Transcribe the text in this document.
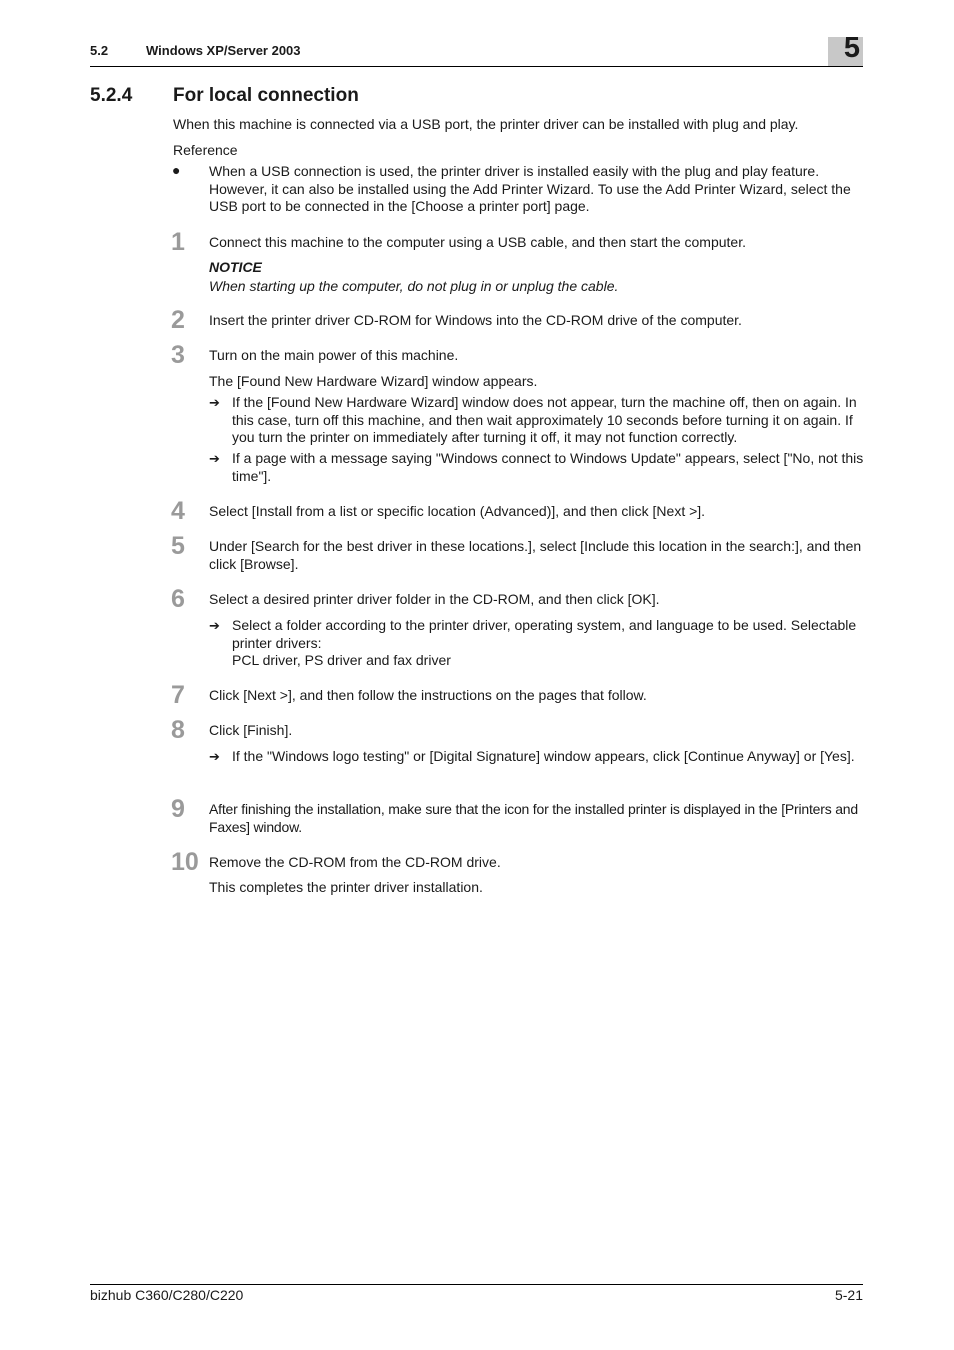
5.2	Windows XP/Server 2003	5
5.2.4 For local connection
When this machine is connected via a USB port, the printer driver can be installed with plug and play.
Reference
● When a USB connection is used, the printer driver is installed easily with the plug and play feature. However, it can also be installed using the Add Printer Wizard. To use the Add Printer Wizard, select the USB port to be connected in the [Choose a printer port] page.
1 Connect this machine to the computer using a USB cable, and then start the computer.
NOTICE
When starting up the computer, do not plug in or unplug the cable.
2 Insert the printer driver CD-ROM for Windows into the CD-ROM drive of the computer.
3 Turn on the main power of this machine.
The [Found New Hardware Wizard] window appears.
➔ If the [Found New Hardware Wizard] window does not appear, turn the machine off, then on again. In this case, turn off this machine, and then wait approximately 10 seconds before turning it on again. If you turn the printer on immediately after turning it off, it may not function correctly.
➔ If a page with a message saying "Windows connect to Windows Update" appears, select ["No, not this time"].
4 Select [Install from a list or specific location (Advanced)], and then click [Next >].
5 Under [Search for the best driver in these locations.], select [Include this location in the search:], and then click [Browse].
6 Select a desired printer driver folder in the CD-ROM, and then click [OK].
➔ Select a folder according to the printer driver, operating system, and language to be used. Selectable printer drivers:
PCL driver, PS driver and fax driver
7 Click [Next >], and then follow the instructions on the pages that follow.
8 Click [Finish].
➔ If the "Windows logo testing" or [Digital Signature] window appears, click [Continue Anyway] or [Yes].
9 After finishing the installation, make sure that the icon for the installed printer is displayed in the [Printers and Faxes] window.
10 Remove the CD-ROM from the CD-ROM drive.
This completes the printer driver installation.
bizhub C360/C280/C220	5-21
